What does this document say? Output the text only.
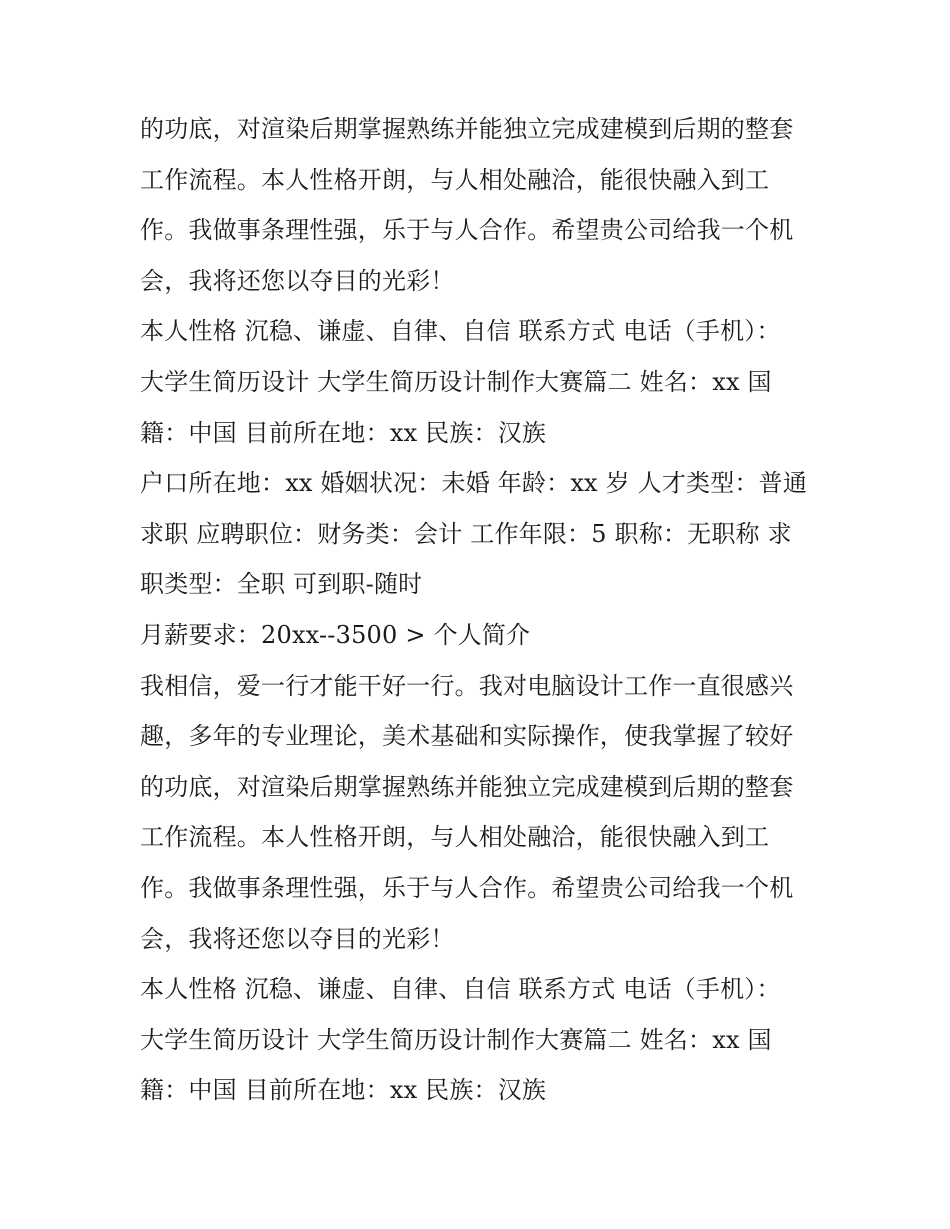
的功底，对渲染后期掌握熟练并能独立完成建模到后期的整套
工作流程。本人性格开朗，与人相处融洽，能很快融入到工
作。我做事条理性强，乐于与人合作。希望贵公司给我一个机
会，我将还您以夺目的光彩！
本人性格 沉稳、谦虚、自律、自信 联系方式 电话（手机）：
大学生简历设计 大学生简历设计制作大赛篇二 姓名：xx 国
籍：中国 目前所在地：xx 民族：汉族
户口所在地：xx 婚姻状况：未婚 年龄：xx 岁 人才类型：普通
求职 应聘职位：财务类：会计 工作年限：5 职称：无职称 求
职类型：全职 可到职-随时
月薪要求：20xx--3500 > 个人简介
我相信，爱一行才能干好一行。我对电脑设计工作一直很感兴
趣，多年的专业理论，美术基础和实际操作，使我掌握了较好
的功底，对渲染后期掌握熟练并能独立完成建模到后期的整套
工作流程。本人性格开朗，与人相处融洽，能很快融入到工
作。我做事条理性强，乐于与人合作。希望贵公司给我一个机
会，我将还您以夺目的光彩！
本人性格 沉稳、谦虚、自律、自信 联系方式 电话（手机）：
大学生简历设计 大学生简历设计制作大赛篇二 姓名：xx 国
籍：中国 目前所在地：xx 民族：汉族
